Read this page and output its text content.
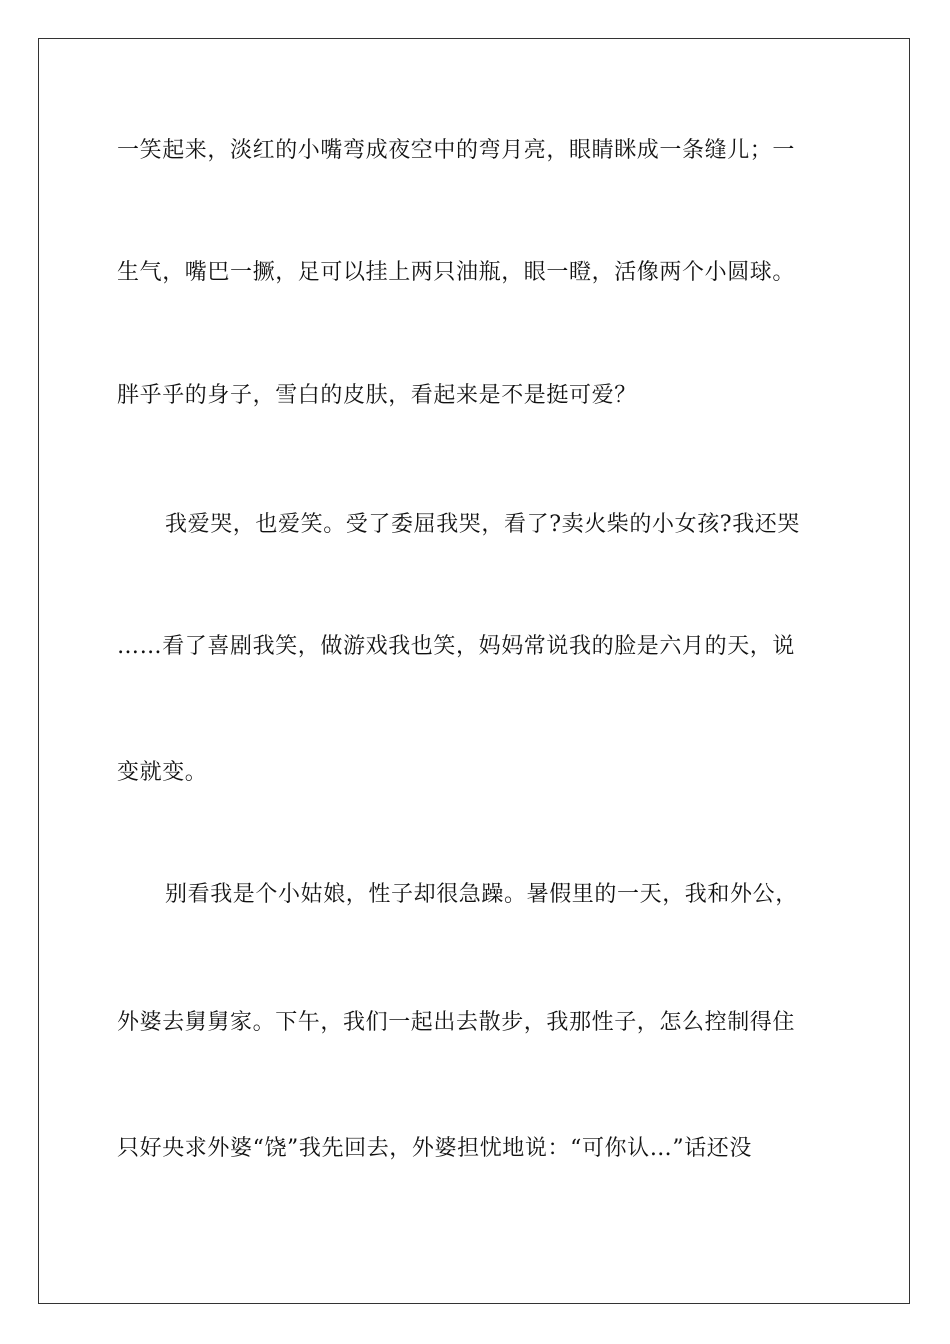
一笑起来，淡红的小嘴弯成夜空中的弯月亮，眼睛眯成一条缝儿；一
生气，嘴巴一撅，足可以挂上两只油瓶，眼一瞪，活像两个小圆球。
胖乎乎的身子，雪白的皮肤，看起来是不是挺可爱？
我爱哭，也爱笑。受了委屈我哭，看了?卖火柴的小女孩?我还哭
……看了喜剧我笑，做游戏我也笑，妈妈常说我的脸是六月的天，说
变就变。
别看我是个小姑娘，性子却很急躁。暑假里的一天，我和外公，
外婆去舅舅家。下午，我们一起出去散步，我那性子，怎么控制得住
只好央求外婆“饶”我先回去，外婆担忧地说：“可你认…”话还没
